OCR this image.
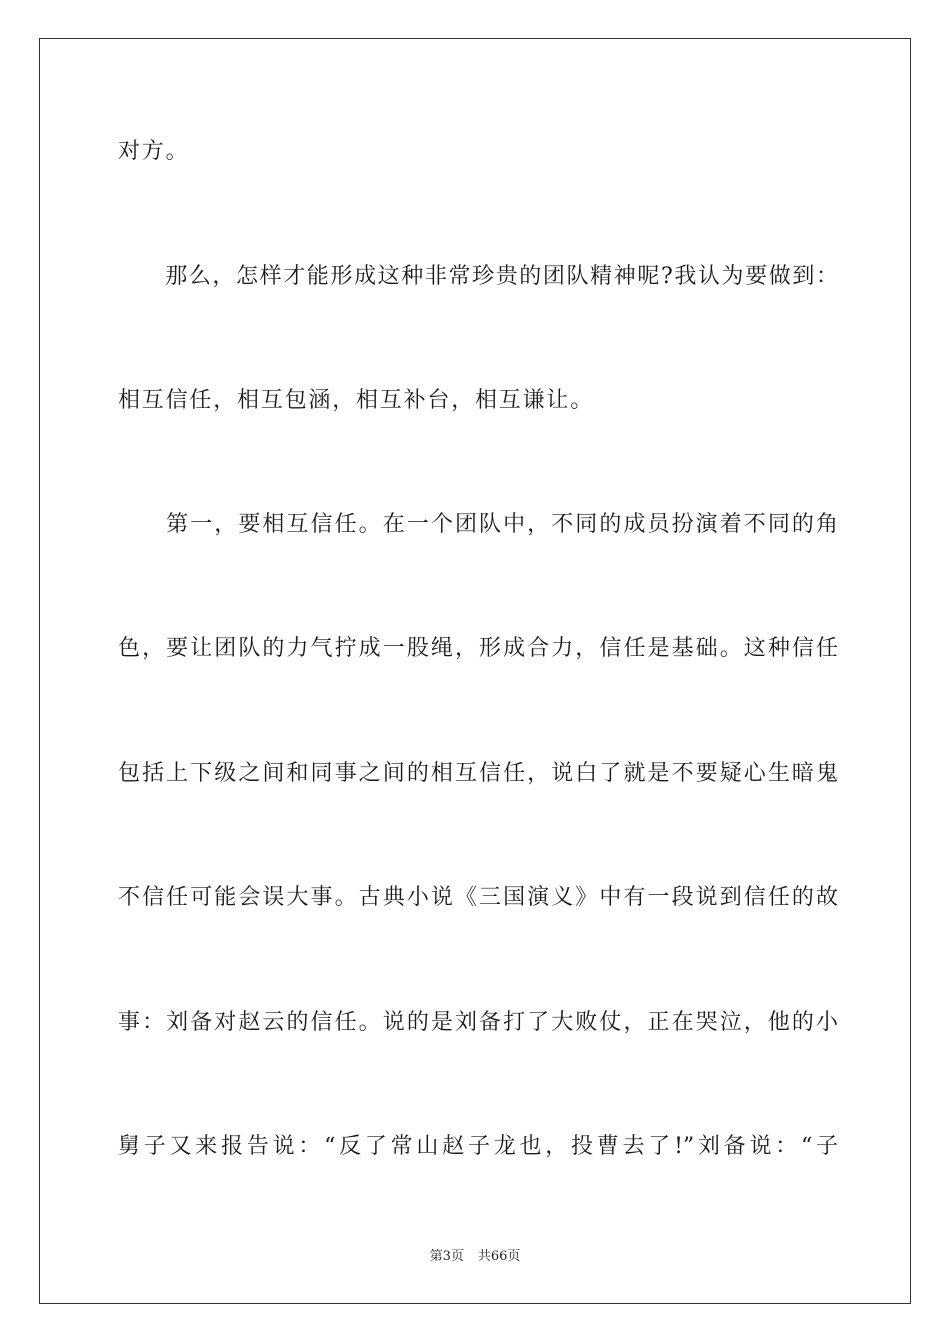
对方。
　　那么，怎样才能形成这种非常珍贵的团队精神呢?我认为要做到：
相互信任，相互包涵，相互补台，相互谦让。
　　第一，要相互信任。在一个团队中，不同的成员扮演着不同的角
色，要让团队的力气拧成一股绳，形成合力，信任是基础。这种信任
包括上下级之间和同事之间的相互信任，说白了就是不要疑心生暗鬼
不信任可能会误大事。古典小说《三国演义》中有一段说到信任的故
事：刘备对赵云的信任。说的是刘备打了大败仗，正在哭泣，他的小
舅子又来报告说：“反了常山赵子龙也，投曹去了!”刘备说：“子
第3页 共66页
